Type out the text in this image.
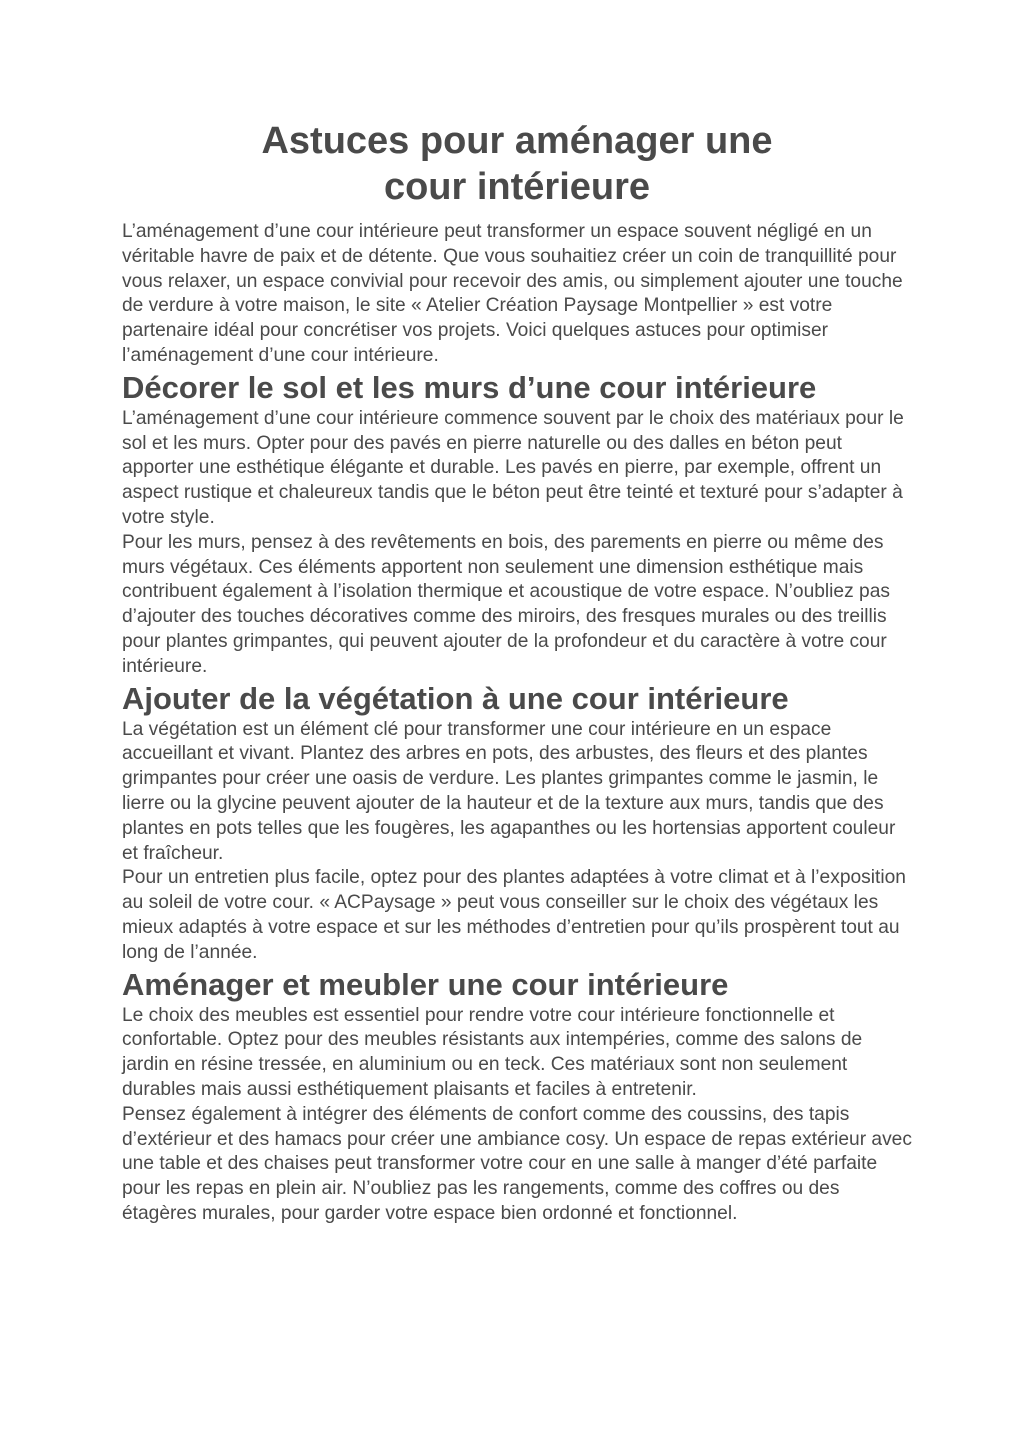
Astuces pour aménager une cour intérieure

L’aménagement d’une cour intérieure peut transformer un espace souvent négligé en un véritable havre de paix et de détente. Que vous souhaitiez créer un coin de tranquillité pour vous relaxer, un espace convivial pour recevoir des amis, ou simplement ajouter une touche de verdure à votre maison, le site « Atelier Création Paysage Montpellier » est votre partenaire idéal pour concrétiser vos projets. Voici quelques astuces pour optimiser l’aménagement d’une cour intérieure.

Décorer le sol et les murs d’une cour intérieure

L’aménagement d’une cour intérieure commence souvent par le choix des matériaux pour le sol et les murs. Opter pour des pavés en pierre naturelle ou des dalles en béton peut apporter une esthétique élégante et durable. Les pavés en pierre, par exemple, offrent un aspect rustique et chaleureux tandis que le béton peut être teinté et texturé pour s’adapter à votre style.

Pour les murs, pensez à des revêtements en bois, des parements en pierre ou même des murs végétaux. Ces éléments apportent non seulement une dimension esthétique mais contribuent également à l’isolation thermique et acoustique de votre espace. N’oubliez pas d’ajouter des touches décoratives comme des miroirs, des fresques murales ou des treillis pour plantes grimpantes, qui peuvent ajouter de la profondeur et du caractère à votre cour intérieure.

Ajouter de la végétation à une cour intérieure

La végétation est un élément clé pour transformer une cour intérieure en un espace accueillant et vivant. Plantez des arbres en pots, des arbustes, des fleurs et des plantes grimpantes pour créer une oasis de verdure. Les plantes grimpantes comme le jasmin, le lierre ou la glycine peuvent ajouter de la hauteur et de la texture aux murs, tandis que des plantes en pots telles que les fougères, les agapanthes ou les hortensias apportent couleur et fraîcheur.

Pour un entretien plus facile, optez pour des plantes adaptées à votre climat et à l’exposition au soleil de votre cour. « ACPaysage » peut vous conseiller sur le choix des végétaux les mieux adaptés à votre espace et sur les méthodes d’entretien pour qu’ils prospèrent tout au long de l’année.

Aménager et meubler une cour intérieure

Le choix des meubles est essentiel pour rendre votre cour intérieure fonctionnelle et confortable. Optez pour des meubles résistants aux intempéries, comme des salons de jardin en résine tressée, en aluminium ou en teck. Ces matériaux sont non seulement durables mais aussi esthétiquement plaisants et faciles à entretenir.

Pensez également à intégrer des éléments de confort comme des coussins, des tapis d’extérieur et des hamacs pour créer une ambiance cosy. Un espace de repas extérieur avec une table et des chaises peut transformer votre cour en une salle à manger d’été parfaite pour les repas en plein air. N’oubliez pas les rangements, comme des coffres ou des étagères murales, pour garder votre espace bien ordonné et fonctionnel.
